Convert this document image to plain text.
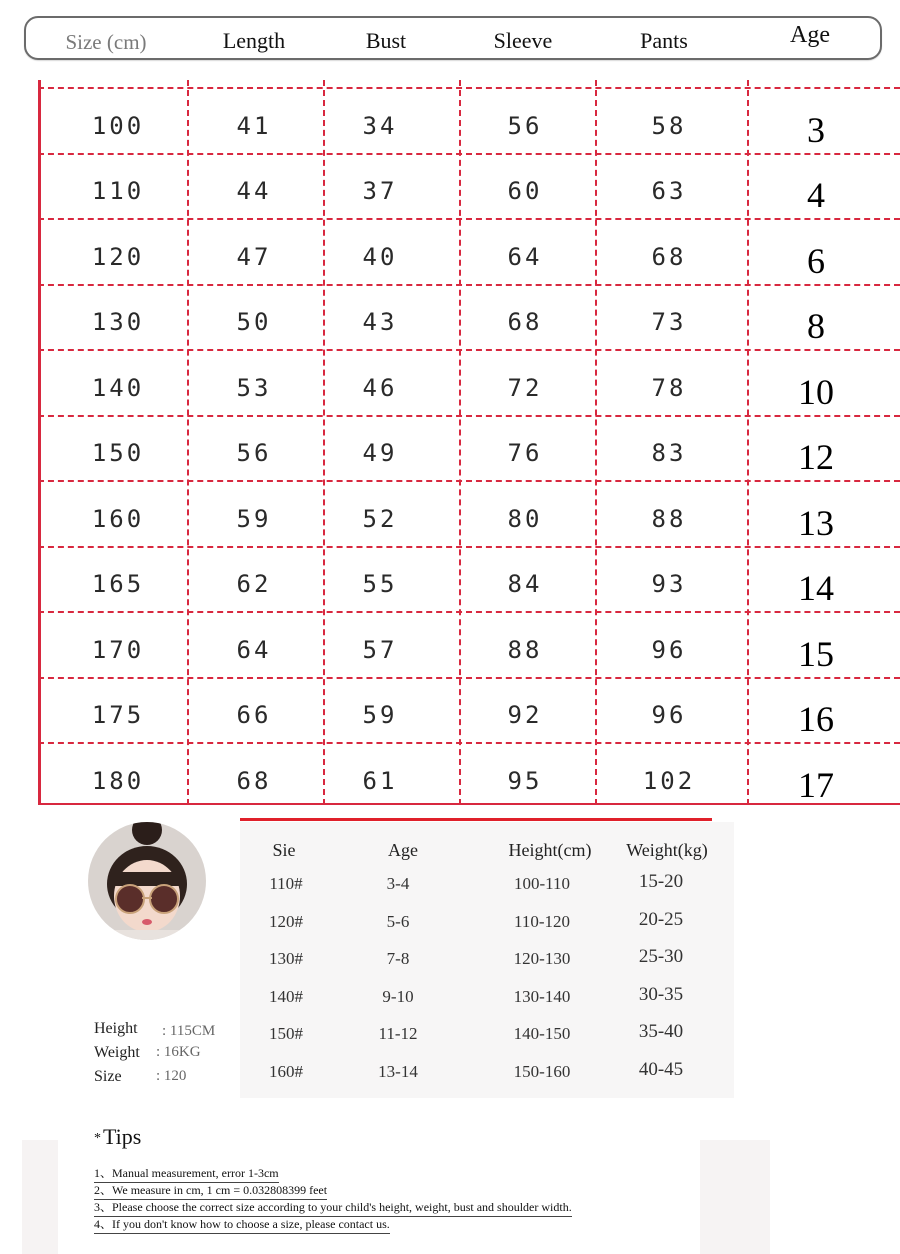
Size (cm)	Length	Bust	Sleeve	Pants	Age
100	41	34	56	58	3
110	44	37	60	63	4
120	47	40	64	68	6
130	50	43	68	73	8
140	53	46	72	78	10
150	56	49	76	83	12
160	59	52	80	88	13
165	62	55	84	93	14
170	64	57	88	96	15
175	66	59	92	96	16
180	68	61	95	102	17
Height : 115CM
Weight : 16KG
Size : 120
Sie	Age	Height(cm) Weight(kg)
110#	3-4	100-110	15-20
120#	5-6	110-120	20-25
130#	7-8	120-130	25-30
140#	9-10	130-140	30-35
150#	11-12	140-150	35-40
160#	13-14	150-160	40-45
*Tips
1、Manual measurement, error 1-3cm
2、We measure in cm, 1 cm = 0.032808399 feet
3、Please choose the correct size according to your child's height, weight, bust and shoulder width.
4、If you don't know how to choose a size, please contact us.
